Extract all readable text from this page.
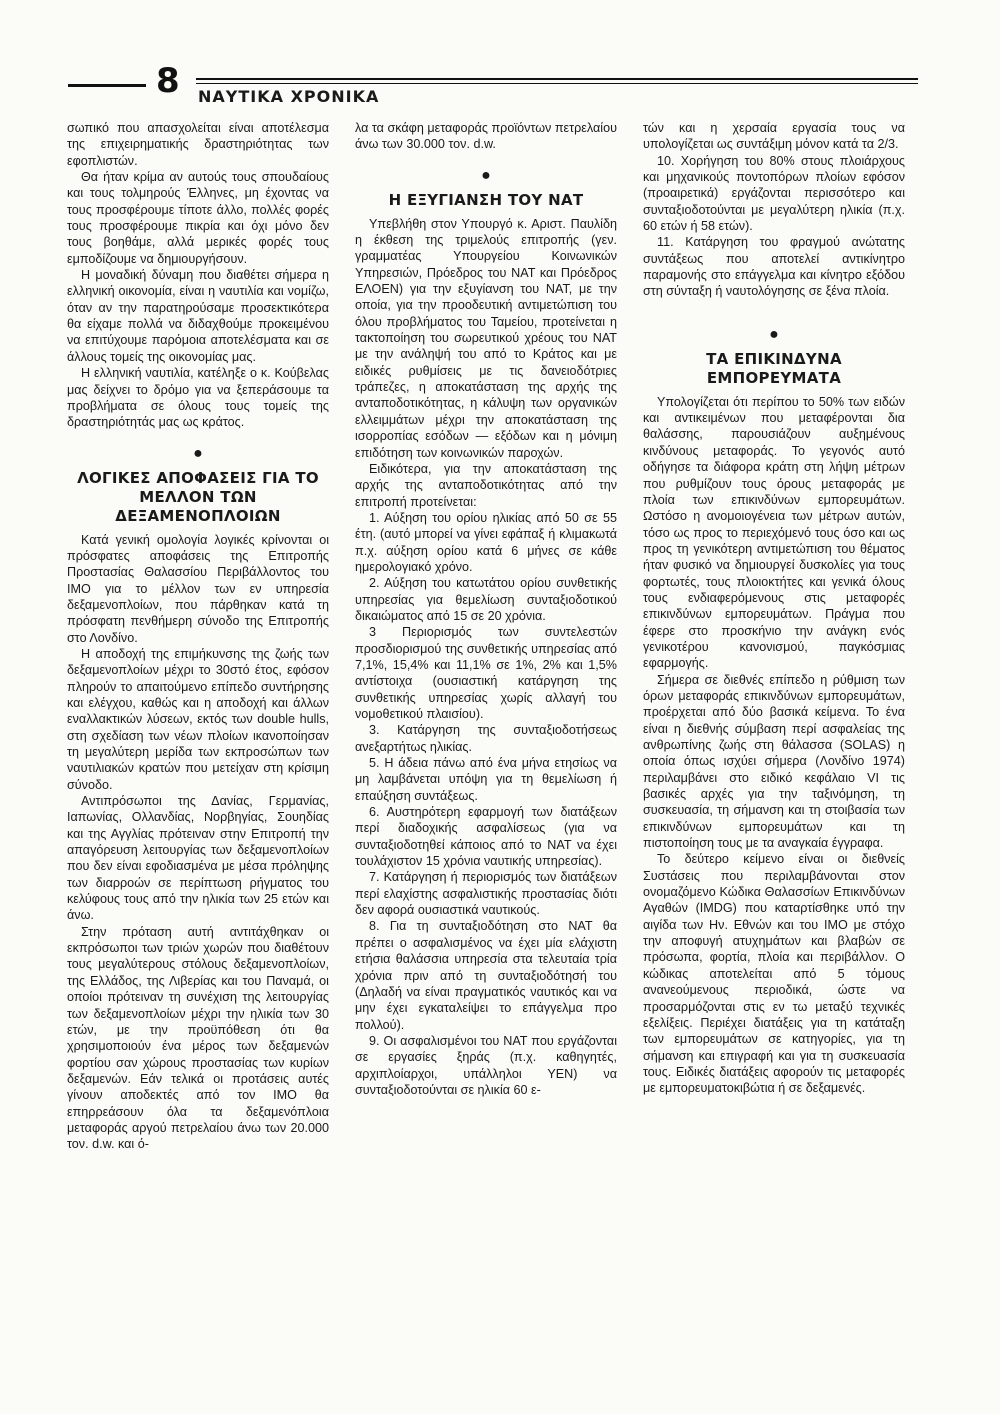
8 ΝΑΥΤΙΚΑ ΧΡΟΝΙΚΑ

σωπικό που απασχολείται είναι αποτέλεσμα της επιχειρηματικής δραστηριότητας των εφοπλιστών.

Θα ήταν κρίμα αν αυτούς τους σπουδαίους και τους τολμηρούς Έλληνες, μη έχοντας να τους προσφέρουμε τίποτε άλλο, πολλές φορές τους προσφέρουμε πικρία και όχι μόνο δεν τους βοηθάμε, αλλά μερικές φορές τους εμποδίζουμε να δημιουργήσουν.

Η μοναδική δύναμη που διαθέτει σήμερα η ελληνική οικονομία, είναι η ναυτιλία και νομίζω, όταν αν την παρατηρούσαμε προσεκτικότερα θα είχαμε πολλά να διδαχθούμε προκειμένου να επιτύχουμε παρόμοια αποτελέσματα και σε άλλους τομείς της οικονομίας μας.

Η ελληνική ναυτιλία, κατέληξε ο κ. Κούβελας μας δείχνει το δρόμο για να ξεπεράσουμε τα προβλήματα σε όλους τους τομείς της δραστηριότητάς μας ως κράτος.

●
ΛΟΓΙΚΕΣ ΑΠΟΦΑΣΕΙΣ ΓΙΑ ΤΟ ΜΕΛΛΟΝ ΤΩΝ ΔΕΞΑΜΕΝΟΠΛΟΙΩΝ

Κατά γενική ομολογία λογικές κρίνονται οι πρόσφατες αποφάσεις της Επιτροπής Προστασίας Θαλασσίου Περιβάλλοντος του ΙΜΟ για το μέλλον των εν υπηρεσία δεξαμενοπλοίων, που πάρθηκαν κατά τη πρόσφατη πενθήμερη σύνοδο της Επιτροπής στο Λονδίνο.

Η αποδοχή της επιμήκυνσης της ζωής των δεξαμενοπλοίων μέχρι το 30στό έτος, εφόσον πληρούν το απαιτούμενο επίπεδο συντήρησης και ελέγχου, καθώς και η αποδοχή και άλλων εναλλακτικών λύσεων, εκτός των double hulls, στη σχεδίαση των νέων πλοίων ικανοποίησαν τη μεγαλύτερη μερίδα των εκπροσώπων των ναυτιλιακών κρατών που μετείχαν στη κρίσιμη σύνοδο.

Αντιπρόσωποι της Δανίας, Γερμανίας, Ιαπωνίας, Ολλανδίας, Νορβηγίας, Σουηδίας και της Αγγλίας πρότειναν στην Επιτροπή την απαγόρευση λειτουργίας των δεξαμενοπλοίων που δεν είναι εφοδιασμένα με μέσα πρόληψης των διαρροών σε περίπτωση ρήγματος του κελύφους τους από την ηλικία των 25 ετών και άνω.

Στην πρόταση αυτή αντιτάχθηκαν οι εκπρόσωποι των τριών χωρών που διαθέτουν τους μεγαλύτερους στόλους δεξαμενοπλοίων, της Ελλάδος, της Λιβερίας και του Παναμά, οι οποίοι πρότειναν τη συνέχιση της λειτουργίας των δεξαμενοπλοίων μέχρι την ηλικία των 30 ετών, με την προϋπόθεση ότι θα χρησιμοποιούν ένα μέρος των δεξαμενών φορτίου σαν χώρους προστασίας των κυρίων δεξαμενών. Εάν τελικά οι προτάσεις αυτές γίνουν αποδεκτές από τον ΙΜΟ θα επηρρεάσουν όλα τα δεξαμενόπλοια μεταφοράς αργού πετρελαίου άνω των 20.000 τον. d.w. και ό-

λα τα σκάφη μεταφοράς προϊόντων πετρελαίου άνω των 30.000 τον. d.w.

●
Η ΕΞΥΓΙΑΝΣΗ ΤΟΥ ΝΑΤ

Υπεβλήθη στον Υπουργό κ. Αριστ. Παυλίδη η έκθεση της τριμελούς επιτροπής (γεν. γραμματέας Υπουργείου Κοινωνικών Υπηρεσιών, Πρόεδρος του ΝΑΤ και Πρόεδρος ΕΛΟΕΝ) για την εξυγίανση του ΝΑΤ, με την οποία, για την προοδευτική αντιμετώπιση του όλου προβλήματος του Ταμείου, προτείνεται η τακτοποίηση του σωρευτικού χρέους του ΝΑΤ με την ανάληψή του από το Κράτος και με ειδικές ρυθμίσεις με τις δανειοδότριες τράπεζες, η αποκατάσταση της αρχής της ανταποδοτικότητας, η κάλυψη των οργανικών ελλειμμάτων μέχρι την αποκατάσταση της ισορροπίας εσόδων — εξόδων και η μόνιμη επιδότηση των κοινωνικών παροχών.

Ειδικότερα, για την αποκατάσταση της αρχής της ανταποδοτικότητας από την επιτροπή προτείνεται:

1. Αύξηση του ορίου ηλικίας από 50 σε 55 έτη. (αυτό μπορεί να γίνει εφάπαξ ή κλιμακωτά π.χ. αύξηση ορίου κατά 6 μήνες σε κάθε ημερολογιακό χρόνο.

2. Αύξηση του κατωτάτου ορίου συνθετικής υπηρεσίας για θεμελίωση συνταξιοδοτικού δικαιώματος από 15 σε 20 χρόνια.

3 Περιορισμός των συντελεστών προσδιορισμού της συνθετικής υπηρεσίας από 7,1%, 15,4% και 11,1% σε 1%, 2% και 1,5% αντίστοιχα (ουσιαστική κατάργηση της συνθετικής υπηρεσίας χωρίς αλλαγή του νομοθετικού πλαισίου).

3. Κατάργηση της συνταξιοδοτήσεως ανεξαρτήτως ηλικίας.

5. Η άδεια πάνω από ένα μήνα ετησίως να μη λαμβάνεται υπόψη για τη θεμελίωση ή επαύξηση συντάξεως.

6. Αυστηρότερη εφαρμογή των διατάξεων περί διαδοχικής ασφαλίσεως (για να συνταξιοδοτηθεί κάποιος από το ΝΑΤ να έχει τουλάχιστον 15 χρόνια ναυτικής υπηρεσίας).

7. Κατάργηση ή περιορισμός των διατάξεων περί ελαχίστης ασφαλιστικής προστασίας διότι δεν αφορά ουσιαστικά ναυτικούς.

8. Για τη συνταξιοδότηση στο ΝΑΤ θα πρέπει ο ασφαλισμένος να έχει μία ελάχιστη ετήσια θαλάσσια υπηρεσία στα τελευταία τρία χρόνια πριν από τη συνταξιοδότησή του (Δηλαδή να είναι πραγματικός ναυτικός και να μην έχει εγκαταλείψει το επάγγελμα προ πολλού).

9. Οι ασφαλισμένοι του ΝΑΤ που εργάζονται σε εργασίες ξηράς (π.χ. καθηγητές, αρχιπλοίαρχοι, υπάλληλοι ΥΕΝ) να συνταξιοδοτούνται σε ηλικία 60 ε-

τών και η χερσαία εργασία τους να υπολογίζεται ως συντάξιμη μόνον κατά τα 2/3.

10. Χορήγηση του 80% στους πλοιάρχους και μηχανικούς ποντοπόρων πλοίων εφόσον (προαιρετικά) εργάζονται περισσότερο και συνταξιοδοτούνται με μεγαλύτερη ηλικία (π.χ. 60 ετών ή 58 ετών).

11. Κατάργηση του φραγμού ανώτατης συντάξεως που αποτελεί αντικίνητρο παραμονής στο επάγγελμα και κίνητρο εξόδου στη σύνταξη ή ναυτολόγησης σε ξένα πλοία.

●
ΤΑ ΕΠΙΚΙΝΔΥΝΑ ΕΜΠΟΡΕΥΜΑΤΑ

Υπολογίζεται ότι περίπου το 50% των ειδών και αντικειμένων που μεταφέρονται δια θαλάσσης, παρουσιάζουν αυξημένους κινδύνους μεταφοράς. Το γεγονός αυτό οδήγησε τα διάφορα κράτη στη λήψη μέτρων που ρυθμίζουν τους όρους μεταφοράς με πλοία των επικινδύνων εμπορευμάτων. Ωστόσο η ανομοιογένεια των μέτρων αυτών, τόσο ως προς το περιεχόμενό τους όσο και ως προς τη γενικότερη αντιμετώπιση του θέματος ήταν φυσικό να δημιουργεί δυσκολίες για τους φορτωτές, τους πλοιοκτήτες και γενικά όλους τους ενδιαφερόμενους στις μεταφορές επικινδύνων εμπορευμάτων. Πράγμα που έφερε στο προσκήνιο την ανάγκη ενός γενικοτέρου κανονισμού, παγκόσμιας εφαρμογής.

Σήμερα σε διεθνές επίπεδο η ρύθμιση των όρων μεταφοράς επικινδύνων εμπορευμάτων, προέρχεται από δύο βασικά κείμενα. Το ένα είναι η διεθνής σύμβαση περί ασφαλείας της ανθρωπίνης ζωής στη θάλασσα (SOLAS) η οποία όπως ισχύει σήμερα (Λονδίνο 1974) περιλαμβάνει στο ειδικό κεφάλαιο VI τις βασικές αρχές για την ταξινόμηση, τη συσκευασία, τη σήμανση και τη στοιβασία των επικινδύνων εμπορευμάτων και τη πιστοποίηση τους με τα αναγκαία έγγραφα.

Το δεύτερο κείμενο είναι οι διεθνείς Συστάσεις που περιλαμβάνονται στον ονομαζόμενο Κώδικα Θαλασσίων Επικινδύνων Αγαθών (IMDG) που καταρτίσθηκε υπό την αιγίδα των Ην. Εθνών και του ΙΜΟ με στόχο την αποφυγή ατυχημάτων και βλαβών σε πρόσωπα, φορτία, πλοία και περιβάλλον. Ο κώδικας αποτελείται από 5 τόμους ανανεούμενους περιοδικά, ώστε να προσαρμόζονται στις εν τω μεταξύ τεχνικές εξελίξεις. Περιέχει διατάξεις για τη κατάταξη των εμπορευμάτων σε κατηγορίες, για τη σήμανση και επιγραφή και για τη συσκευασία τους. Ειδικές διατάξεις αφορούν τις μεταφορές με εμπορευματοκιβώτια ή σε δεξαμενές.
